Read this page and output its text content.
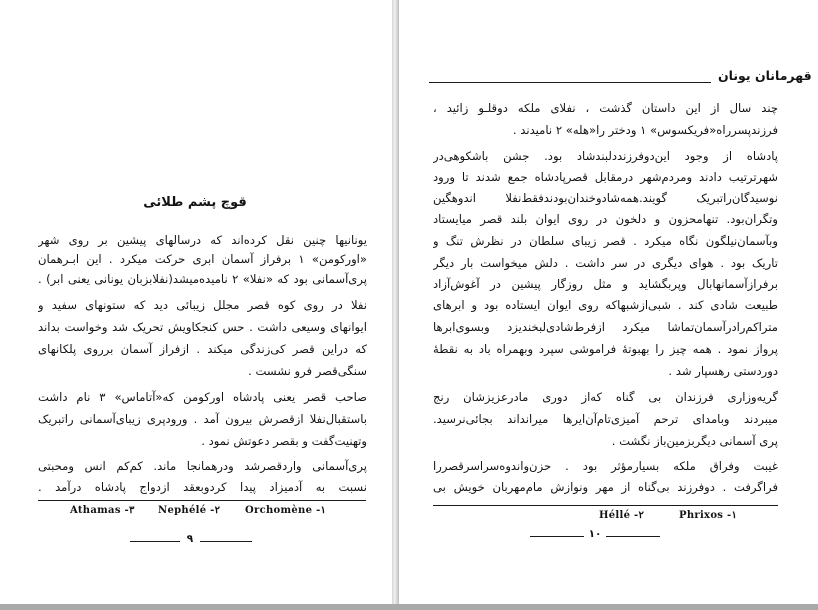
قوچ پشم طلائی
یونانیها چنین نقل کرده‌اند که درسالهای پیشین بر روی شهر
«اورکومن» ۱ برفراز آسمان ابری حرکت میکرد . این ابـرهمان
پری‌آسمانی بود که «نفلا» ۲ نامیده‌میشد(نفلابزبان یونانی یعنی ابر) .
نفلا در روی کوه قصر مجلل زیبائی دید که ستونهای سفید و
ایوانهای وسیعی داشت . حس کنجکاویش تحریک شد وخواست بداند
که دراین قصر کی‌زندگی میکند . ازفراز آسمان برروی پلکانهای
سنگی‌قصر فرو نشست .
صاحب قصر یعنی پادشاه اورکومن که«آتاماس» ۳ نام داشت
باستقبال‌نفلا ازقصرش بیرون آمد . ورودپری زیبای‌آسمانی راتبریک
وتهنیت‌گفت و بقصر دعوتش نمود .
پری‌آسمانی وارد‌قصرشد و‌درهمانجا ماند. کم‌کم انس ومحبتی
نسبت به آدمیزاد پیدا کردوبعقد ازدواج پادشاه درآمد .
Orchomène -۱
Nephélé -۲
Athamas -۳
۹
قهرمانان یونان
چند سال از این داستان گذشت ، نفلای ملکه دوقلـو زائید ،
فرزندپسرراه«فریکسوس» ۱ ودختر را«هله» ۲ نامیدند .
پادشاه از وجود این‌دوفرزنددلبندشاد بود. جشن باشکوهی‌در
شهرترتیب دادند ومردم‌شهر درمقابل قصرپادشاه جمع شدند تا ورود
نوسید‌گان‌راتبریک گویند.همه‌شادوخندان‌بودندفقط‌نفلا اندوهگین
وتگران‌بود. تنهامحزون و دلخون در روی ایوان بلند قصر میایستاد
وبآسمان‌نیلگون نگاه میکرد . قصر زیبای سلطان در نظرش تنگ و
تاریک بود . هوای دیگری در سر داشت . دلش میخواست بار دیگر
برفرازآسمانهابال وپربگشاید و مثل روزگار پیشین در آغوش‌آزاد
طبیعت شادی کند . شبی‌ازشبهاکه روی ایوان ایستاده بود و ابرهای
متراکم‌رادرآسمان‌تماشا میکرد ازفرط‌شادی‌لبخندیزد وبسوی‌ابرها
پرواز نمود . همه چیز را بهبوتهٔ فراموشی سپرد وبهمراه باد به نقطهٔ
دوردستی رهسپار شد .
گریه‌وزاری فرزندان بی گناه که‌از دوری مادرعزیزشان رنج
میبردند وبامدای ترحم آمیزی‌تام‌آن‌ایرها میرانداند بجائی‌نرسید.
پری آسمانی دیگربزمین‌باز نگشت .
غیبت وفراق ملکه بسیارمؤثر بود . حزن‌واندوه‌سراسر‌قصررا
فراگرفت . دوفرزند بی‌گناه از مهر ونوازش مام‌مهربان خویش بی
Phrixos -۱
Héllé -۲
۱۰
